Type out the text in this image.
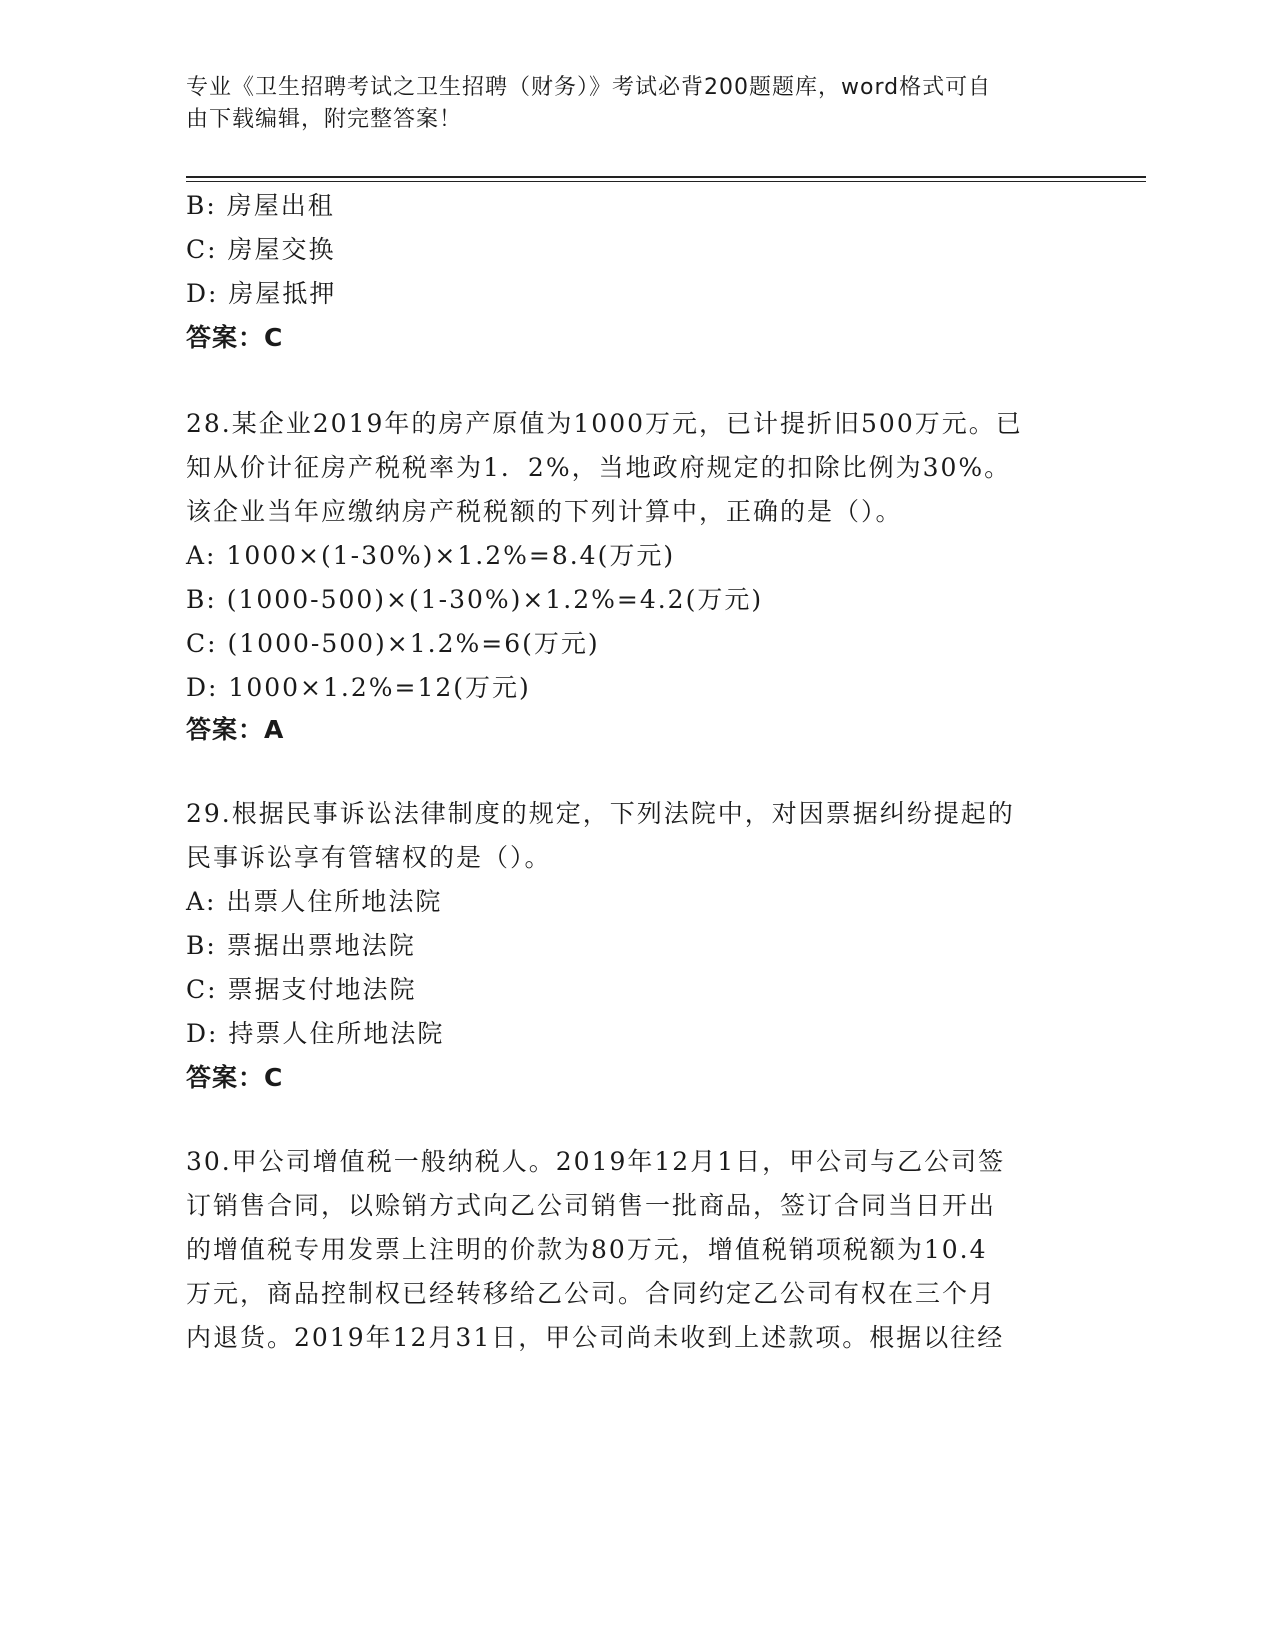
专业《卫生招聘考试之卫生招聘（财务）》考试必背200题题库，word格式可自
由下载编辑，附完整答案！
B: 房屋出租
C: 房屋交换
D: 房屋抵押
答案：C
28.某企业2019年的房产原值为1000万元，已计提折旧500万元。已
知从价计征房产税税率为1．2%，当地政府规定的扣除比例为30%。
该企业当年应缴纳房产税税额的下列计算中，正确的是（）。
A: 1000×(1-30%)×1.2%=8.4(万元)
B: (1000-500)×(1-30%)×1.2%=4.2(万元)
C: (1000-500)×1.2%=6(万元)
D: 1000×1.2%=12(万元)
答案：A
29.根据民事诉讼法律制度的规定，下列法院中，对因票据纠纷提起的
民事诉讼享有管辖权的是（）。
A: 出票人住所地法院
B: 票据出票地法院
C: 票据支付地法院
D: 持票人住所地法院
答案：C
30.甲公司增值税一般纳税人。2019年12月1日，甲公司与乙公司签
订销售合同，以赊销方式向乙公司销售一批商品，签订合同当日开出
的增值税专用发票上注明的价款为80万元，增值税销项税额为10.4
万元，商品控制权已经转移给乙公司。合同约定乙公司有权在三个月
内退货。2019年12月31日，甲公司尚未收到上述款项。根据以往经
